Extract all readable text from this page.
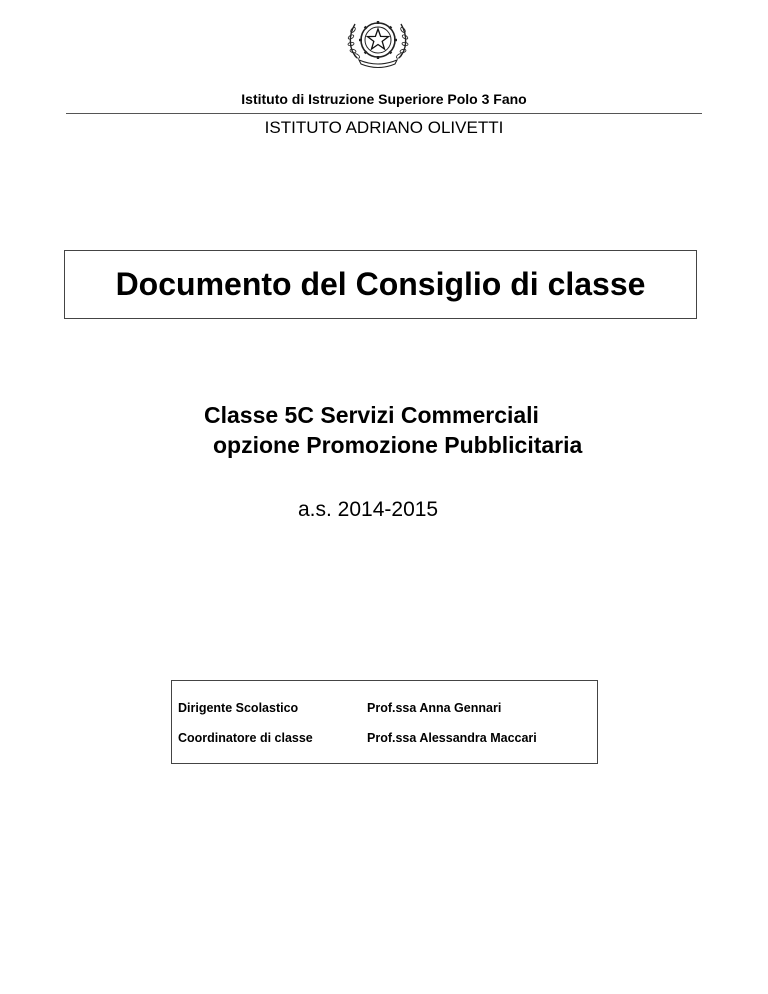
Istituto di Istruzione Superiore Polo 3 Fano
ISTITUTO ADRIANO OLIVETTI
Documento del Consiglio di classe
Classe 5C Servizi Commerciali
opzione Promozione Pubblicitaria
a.s. 2014-2015
Dirigente Scolastico	Prof.ssa Anna Gennari
Coordinatore di classe	Prof.ssa Alessandra Maccari
